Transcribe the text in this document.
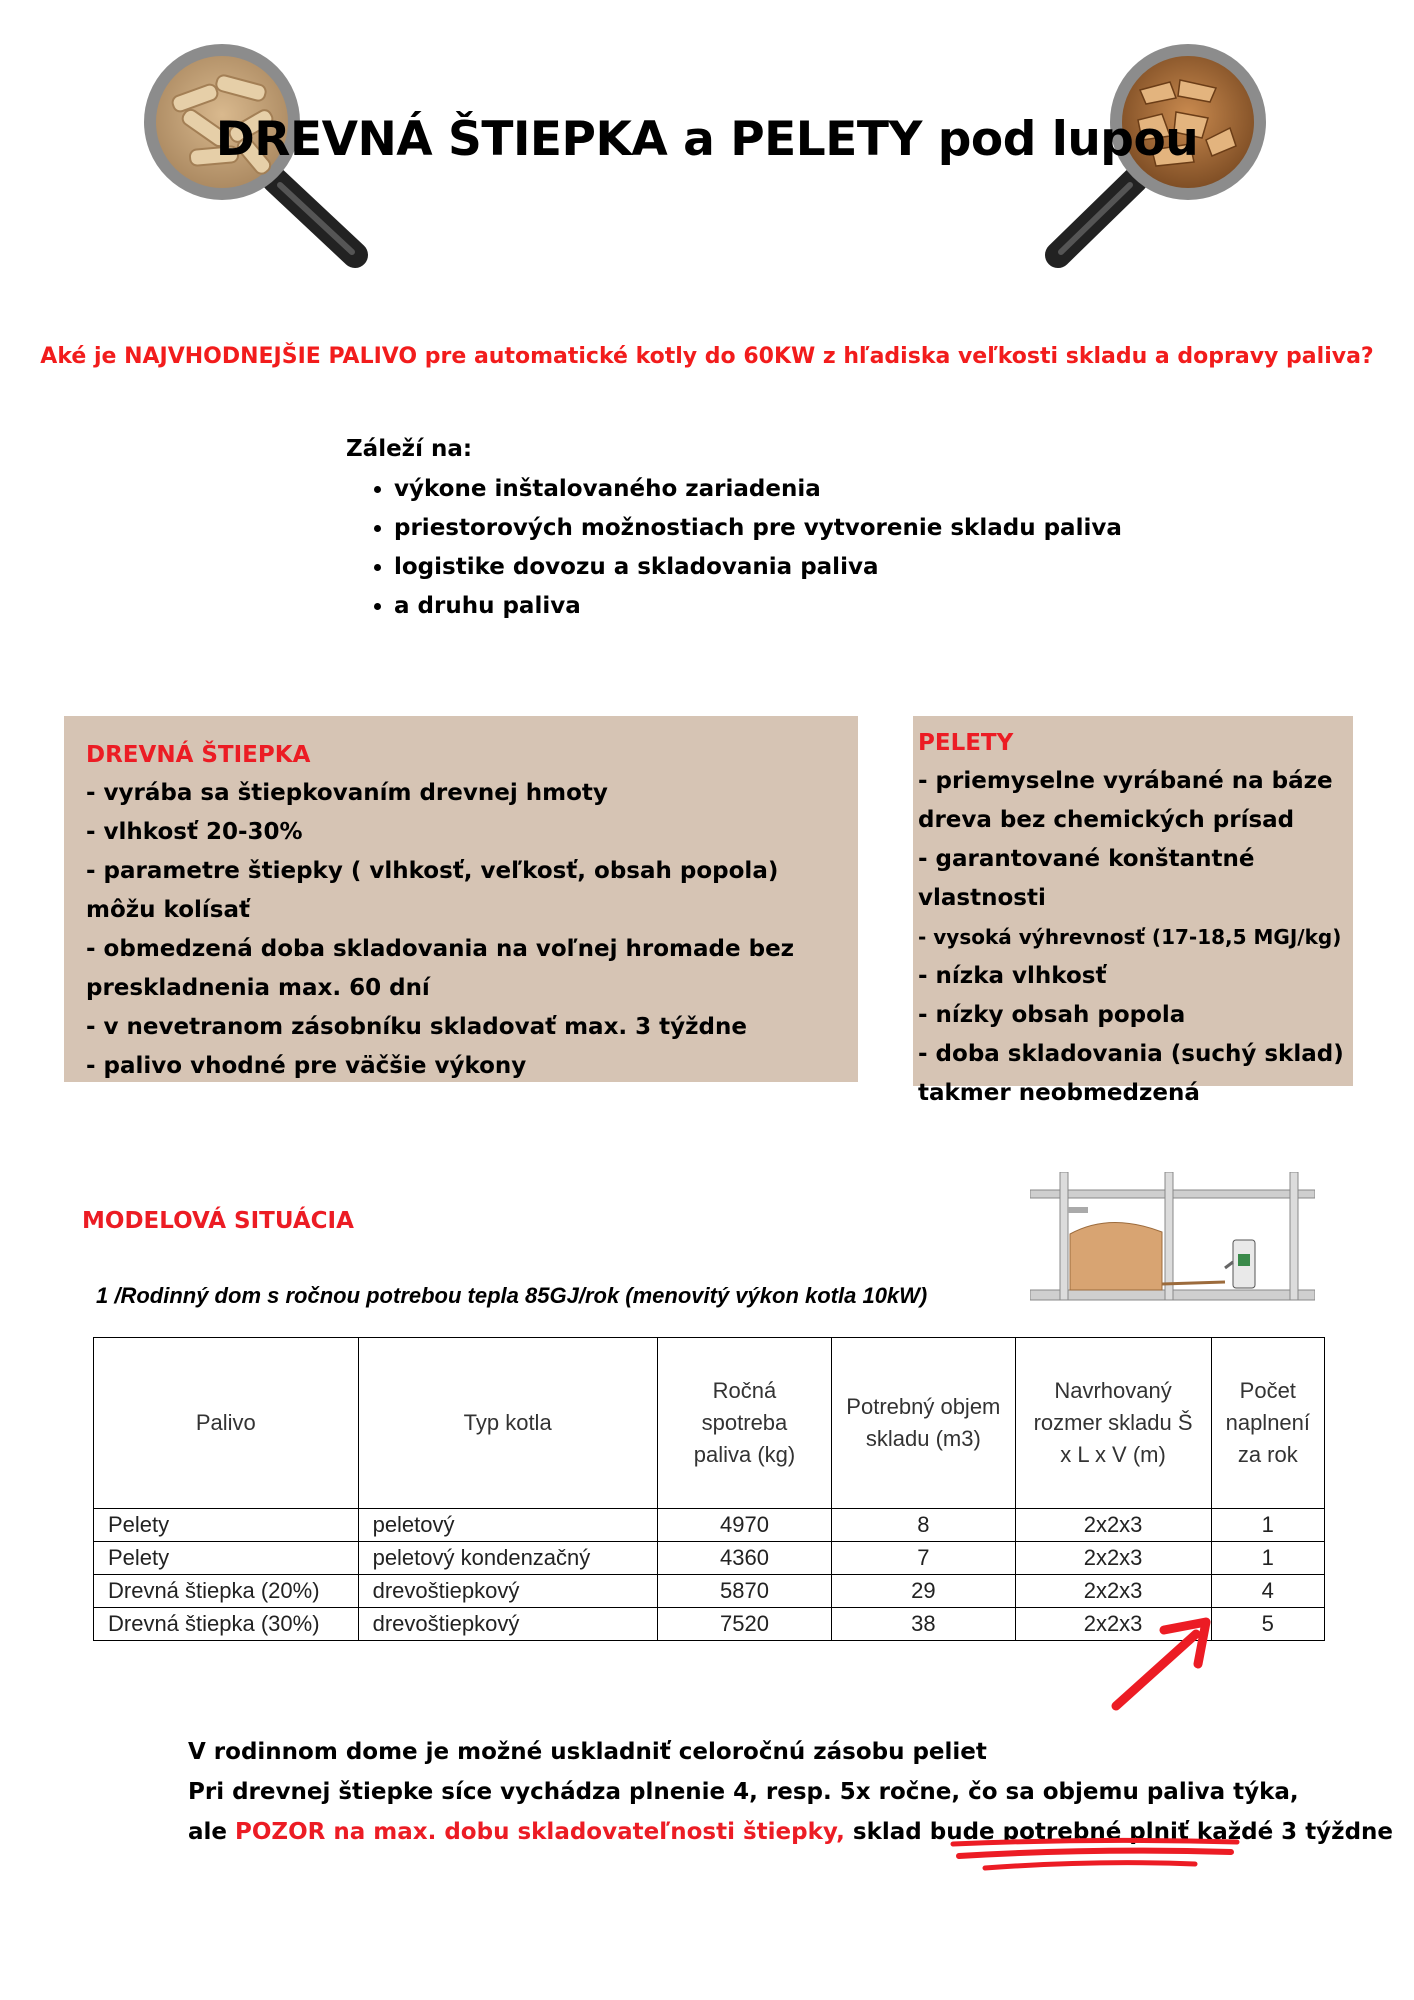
DREVNÁ ŠTIEPKA a PELETY pod lupou
Aké je NAJVHODNEJŠIE PALIVO pre automatické kotly do 60KW z hľadiska veľkosti skladu a dopravy paliva?
Záleží na:
• výkone inštalovaného zariadenia
• priestorových možnostiach pre vytvorenie skladu paliva
• logistike dovozu a skladovania paliva
• a druhu paliva
DREVNÁ ŠTIEPKA
- vyrába sa štiepkovaním drevnej hmoty
- vlhkosť 20-30%
- parametre štiepky ( vlhkosť, veľkosť, obsah popola) môžu kolísať
- obmedzená doba skladovania na voľnej hromade bez
preskladnenia max. 60 dní
- v nevetranom zásobníku skladovať max. 3 týždne
- palivo vhodné pre väčšie výkony
PELETY
- priemyselne vyrábané na báze
dreva bez chemických prísad
- garantované konštantné vlastnosti
- vysoká výhrevnosť (17-18,5 MGJ/kg)
- nízka vlhkosť
- nízky obsah popola
- doba skladovania (suchý sklad)
takmer neobmedzená
MODELOVÁ SITUÁCIA
1 /Rodinný dom s ročnou potrebou tepla 85GJ/rok (menovitý výkon kotla 10kW)
Palivo	Typ kotla	Ročná spotreba paliva (kg)	Potrebný objem skladu (m3)	Navrhovaný rozmer skladu Š x L x V (m)	Počet naplnení za rok
Pelety	peletový	4970	8	2x2x3	1
Pelety	peletový kondenzačný	4360	7	2x2x3	1
Drevná štiepka (20%)	drevoštiepkový	5870	29	2x2x3	4
Drevná štiepka (30%)	drevoštiepkový	7520	38	2x2x3	5
V rodinnom dome je možné uskladniť celoročnú zásobu peliet
Pri drevnej štiepke síce vychádza plnenie 4, resp. 5x ročne, čo sa objemu paliva týka,
ale POZOR na max. dobu skladovateľnosti štiepky, sklad bude potrebné plniť každé 3 týždne
